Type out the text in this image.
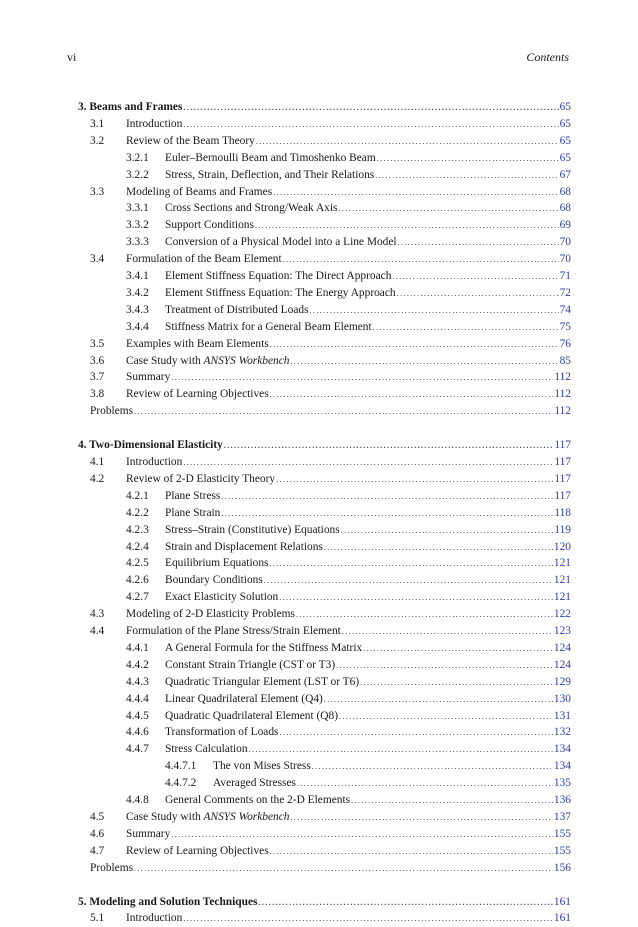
vi	Contents
3. Beams and Frames .....	65
3.1	Introduction .....	65
3.2	Review of the Beam Theory .....	65
3.2.1	Euler–Bernoulli Beam and Timoshenko Beam .....	65
3.2.2	Stress, Strain, Deflection, and Their Relations .....	67
3.3	Modeling of Beams and Frames .....	68
3.3.1	Cross Sections and Strong/Weak Axis .....	68
3.3.2	Support Conditions .....	69
3.3.3	Conversion of a Physical Model into a Line Model .....	70
3.4	Formulation of the Beam Element .....	70
3.4.1	Element Stiffness Equation: The Direct Approach .....	71
3.4.2	Element Stiffness Equation: The Energy Approach .....	72
3.4.3	Treatment of Distributed Loads .....	74
3.4.4	Stiffness Matrix for a General Beam Element .....	75
3.5	Examples with Beam Elements .....	76
3.6	Case Study with ANSYS Workbench .....	85
3.7	Summary .....	112
3.8	Review of Learning Objectives .....	112
Problems .....	112
4. Two-Dimensional Elasticity .....	117
4.1	Introduction .....	117
4.2	Review of 2-D Elasticity Theory .....	117
4.2.1	Plane Stress .....	117
4.2.2	Plane Strain .....	118
4.2.3	Stress–Strain (Constitutive) Equations .....	119
4.2.4	Strain and Displacement Relations .....	120
4.2.5	Equilibrium Equations .....	121
4.2.6	Boundary Conditions .....	121
4.2.7	Exact Elasticity Solution .....	121
4.3	Modeling of 2-D Elasticity Problems .....	122
4.4	Formulation of the Plane Stress/Strain Element .....	123
4.4.1	A General Formula for the Stiffness Matrix .....	124
4.4.2	Constant Strain Triangle (CST or T3) .....	124
4.4.3	Quadratic Triangular Element (LST or T6) .....	129
4.4.4	Linear Quadrilateral Element (Q4) .....	130
4.4.5	Quadratic Quadrilateral Element (Q8) .....	131
4.4.6	Transformation of Loads .....	132
4.4.7	Stress Calculation .....	134
4.4.7.1	The von Mises Stress .....	134
4.4.7.2	Averaged Stresses .....	135
4.4.8	General Comments on the 2-D Elements .....	136
4.5	Case Study with ANSYS Workbench .....	137
4.6	Summary .....	155
4.7	Review of Learning Objectives .....	155
Problems .....	156
5. Modeling and Solution Techniques .....	161
5.1	Introduction .....	161
